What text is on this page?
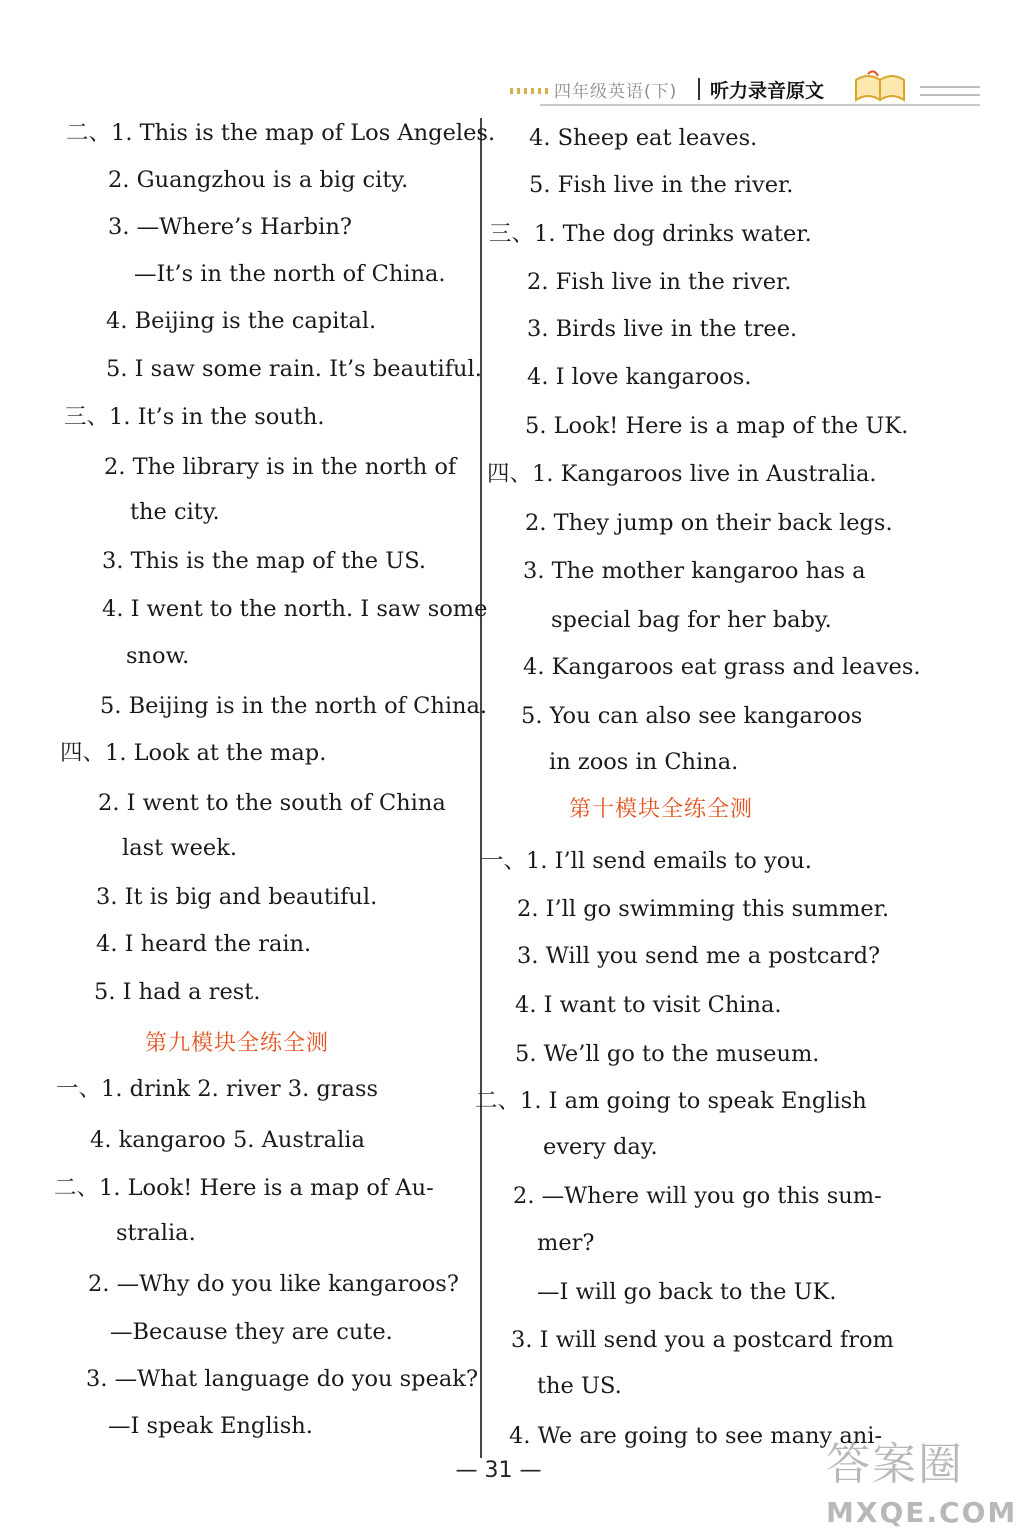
四年级英语(下) 听力录音原文
二、1. This is the map of Los Angeles.
2. Guangzhou is a big city.
3. —Where’s Harbin?
—It’s in the north of China.
4. Beijing is the capital.
5. I saw some rain. It’s beautiful.
三、1. It’s in the south.
2. The library is in the north of
the city.
3. This is the map of the US.
4. I went to the north. I saw some
snow.
5. Beijing is in the north of China.
四、1. Look at the map.
2. I went to the south of China
last week.
3. It is big and beautiful.
4. I heard the rain.
5. I had a rest.
第九模块全练全测
一、1. drink 2. river 3. grass
4. kangaroo 5. Australia
二、1. Look! Here is a map of Au-
stralia.
2. —Why do you like kangaroos?
—Because they are cute.
3. —What language do you speak?
—I speak English.
4. Sheep eat leaves.
5. Fish live in the river.
三、1. The dog drinks water.
2. Fish live in the river.
3. Birds live in the tree.
4. I love kangaroos.
5. Look! Here is a map of the UK.
四、1. Kangaroos live in Australia.
2. They jump on their back legs.
3. The mother kangaroo has a
special bag for her baby.
4. Kangaroos eat grass and leaves.
5. You can also see kangaroos
in zoos in China.
第十模块全练全测
一、1. I’ll send emails to you.
2. I’ll go swimming this summer.
3. Will you send me a postcard?
4. I want to visit China.
5. We’ll go to the museum.
二、1. I am going to speak English
every day.
2. —Where will you go this sum-
mer?
—I will go back to the UK.
3. I will send you a postcard from
the US.
4. We are going to see many ani-
— 31 —	答案圈
MXQE.COM
